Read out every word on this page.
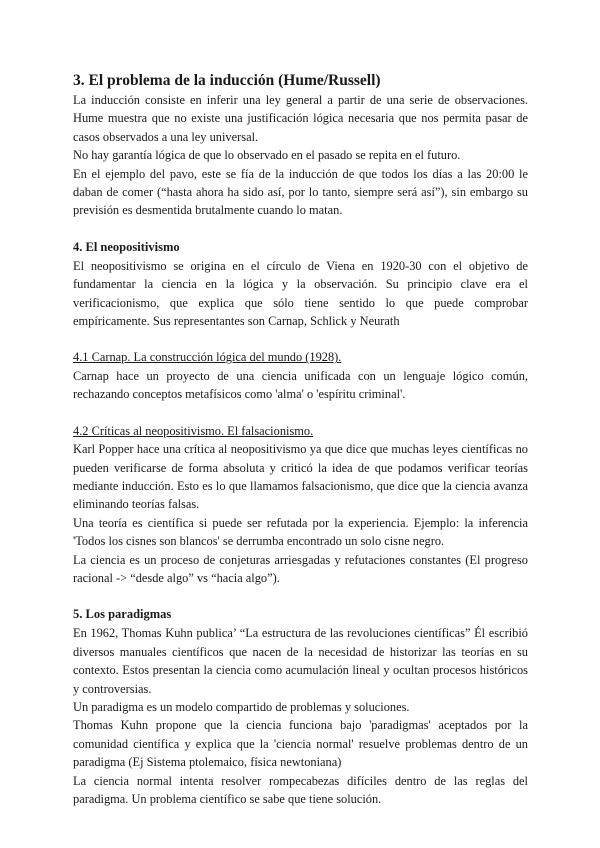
3. El problema de la inducción (Hume/Russell)

La inducción consiste en inferir una ley general a partir de una serie de observaciones. Hume muestra que no existe una justificación lógica necesaria que nos permita pasar de casos observados a una ley universal.

No hay garantía lógica de que lo observado en el pasado se repita en el futuro.

En el ejemplo del pavo, este se fía de la inducción de que todos los días a las 20:00 le daban de comer (“hasta ahora ha sido así, por lo tanto, siempre será así”), sin embargo su previsión es desmentida brutalmente cuando lo matan.

4. El neopositivismo

El neopositivismo se origina en el círculo de Viena en 1920-30 con el objetivo de fundamentar la ciencia en la lógica y la observación. Su principio clave era el verificacionismo, que explica que sólo tiene sentido lo que puede comprobar empíricamente. Sus representantes son Carnap, Schlick y Neurath

4.1 Carnap. La construcción lógica del mundo (1928).

Carnap hace un proyecto de una ciencia unificada con un lenguaje lógico común, rechazando conceptos metafísicos como 'alma' o 'espíritu criminal'.

4.2 Críticas al neopositivismo. El falsacionismo.

Karl Popper hace una crítica al neopositivismo ya que dice que muchas leyes científicas no pueden verificarse de forma absoluta y criticó la idea de que podamos verificar teorías mediante inducción. Esto es lo que llamamos falsacionismo, que dice que la ciencia avanza eliminando teorías falsas.

Una teoría es científica si puede ser refutada por la experiencia. Ejemplo: la inferencia 'Todos los cisnes son blancos' se derrumba encontrado un solo cisne negro.

La ciencia es un proceso de conjeturas arriesgadas y refutaciones constantes (El progreso racional -> “desde algo” vs “hacia algo”).

5. Los paradigmas

En 1962, Thomas Kuhn publica’ “La estructura de las revoluciones científicas” Él escribió diversos manuales científicos que nacen de la necesidad de historizar las teorías en su contexto. Estos presentan la ciencia como acumulación lineal y ocultan procesos históricos y controversias.

Un paradigma es un modelo compartido de problemas y soluciones.

Thomas Kuhn propone que la ciencia funciona bajo 'paradigmas' aceptados por la comunidad científica y explica que la 'ciencia normal' resuelve problemas dentro de un paradigma (Ej Sistema ptolemaico, física newtoniana)

La ciencia normal intenta resolver rompecabezas difíciles dentro de las reglas del paradigma. Un problema científico se sabe que tiene solución.
